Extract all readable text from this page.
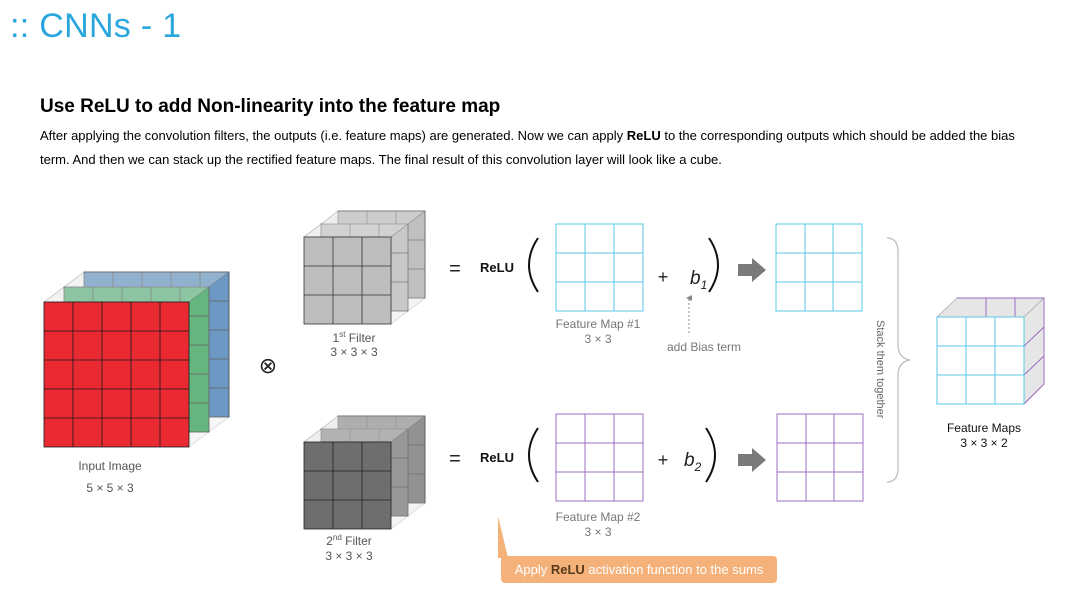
:: CNNs - 1
Use ReLU to add Non-linearity into the feature map
After applying the convolution filters, the outputs (i.e. feature maps) are generated. Now we can apply ReLU to the corresponding outputs which should be added the bias term. And then we can stack up the rectified feature maps. The final result of this convolution layer will look like a cube.
Input Image
5 × 5 × 3
⊗
1st Filter
3 × 3 × 3
2nd Filter
3 × 3 × 3
= ReLU	+ $b_1$
Feature Map #1
3 × 3
add Bias term
= ReLU	+ $b_2$
Feature Map #2
3 × 3
Stack them together
Feature Maps
3 × 3 × 2
Apply ReLU activation function to the sums
